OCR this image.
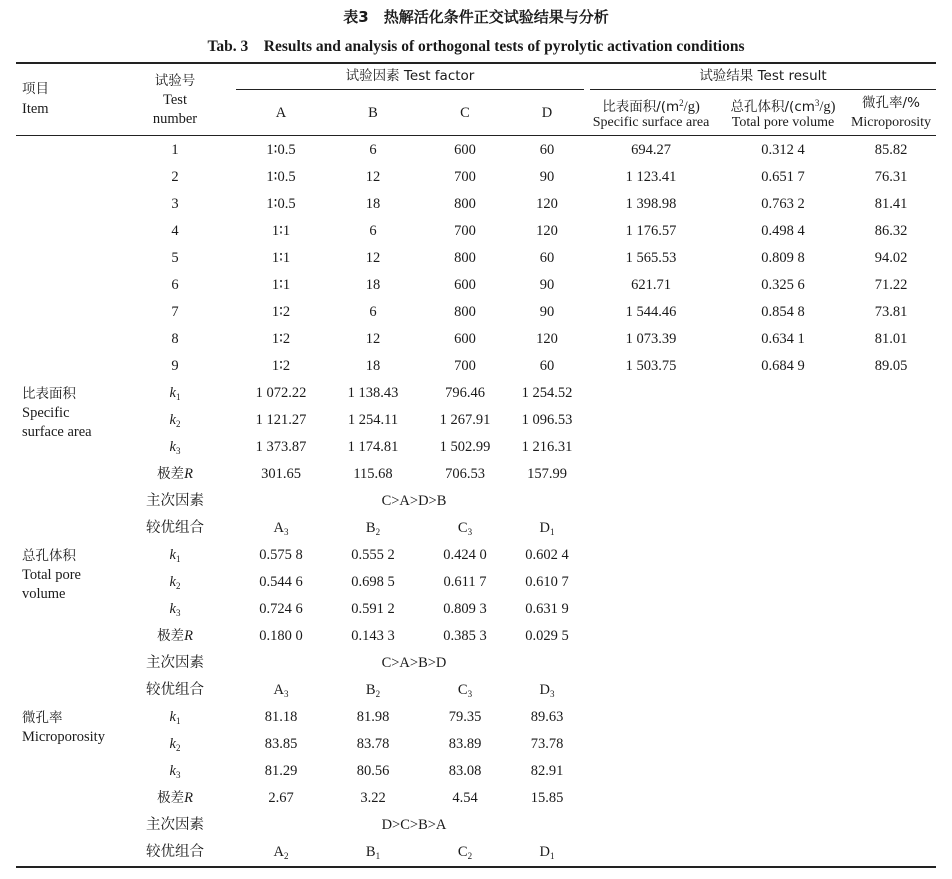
表3　热解活化条件正交试验结果与分析
Tab. 3　Results and analysis of orthogonal tests of pyrolytic activation conditions
项目
Item
试验号
Test
number
试验因素 Test factor
A	B	C	D
试验结果 Test result
比表面积$/(m^2/g)$
Specific surface area
总孔体积$/(cm^3/g)$
Total pore volume
微孔率/%
Microporosity
1	1∶0.5	6	600	60	694.27	0.312 4	85.82
2	1∶0.5	12	700	90	1 123.41	0.651 7	76.31
3	1∶0.5	18	800	120	1 398.98	0.763 2	81.41
4	1∶1	6	700	120	1 176.57	0.498 4	86.32
5	1∶1	12	800	60	1 565.53	0.809 8	94.02
6	1∶1	18	600	90	621.71	0.325 6	71.22
7	1∶2	6	800	90	1 544.46	0.854 8	73.81
8	1∶2	12	600	120	1 073.39	0.634 1	81.01
9	1∶2	18	700	60	1 503.75	0.684 9	89.05
比表面积
Specific
surface area
$k_1$	1 072.22	1 138.43	796.46	1 254.52
$k_2$	1 121.27	1 254.11	1 267.91	1 096.53
$k_3$	1 373.87	1 174.81	1 502.99	1 216.31
极差R	301.65	115.68	706.53	157.99
主次因素	C>A>D>B
较优组合	$A_3$	$B_2$	$C_3$	$D_1$
总孔体积
Total pore
volume
$k_1$	0.575 8	0.555 2	0.424 0	0.602 4
$k_2$	0.544 6	0.698 5	0.611 7	0.610 7
$k_3$	0.724 6	0.591 2	0.809 3	0.631 9
极差R	0.180 0	0.143 3	0.385 3	0.029 5
主次因素	C>A>B>D
较优组合	$A_3$	$B_2$	$C_3$	$D_3$
微孔率
Microporosity
$k_1$	81.18	81.98	79.35	89.63
$k_2$	83.85	83.78	83.89	73.78
$k_3$	81.29	80.56	83.08	82.91
极差R	2.67	3.22	4.54	15.85
主次因素	D>C>B>A
较优组合	$A_2$	$B_1$	$C_2$	$D_1$
